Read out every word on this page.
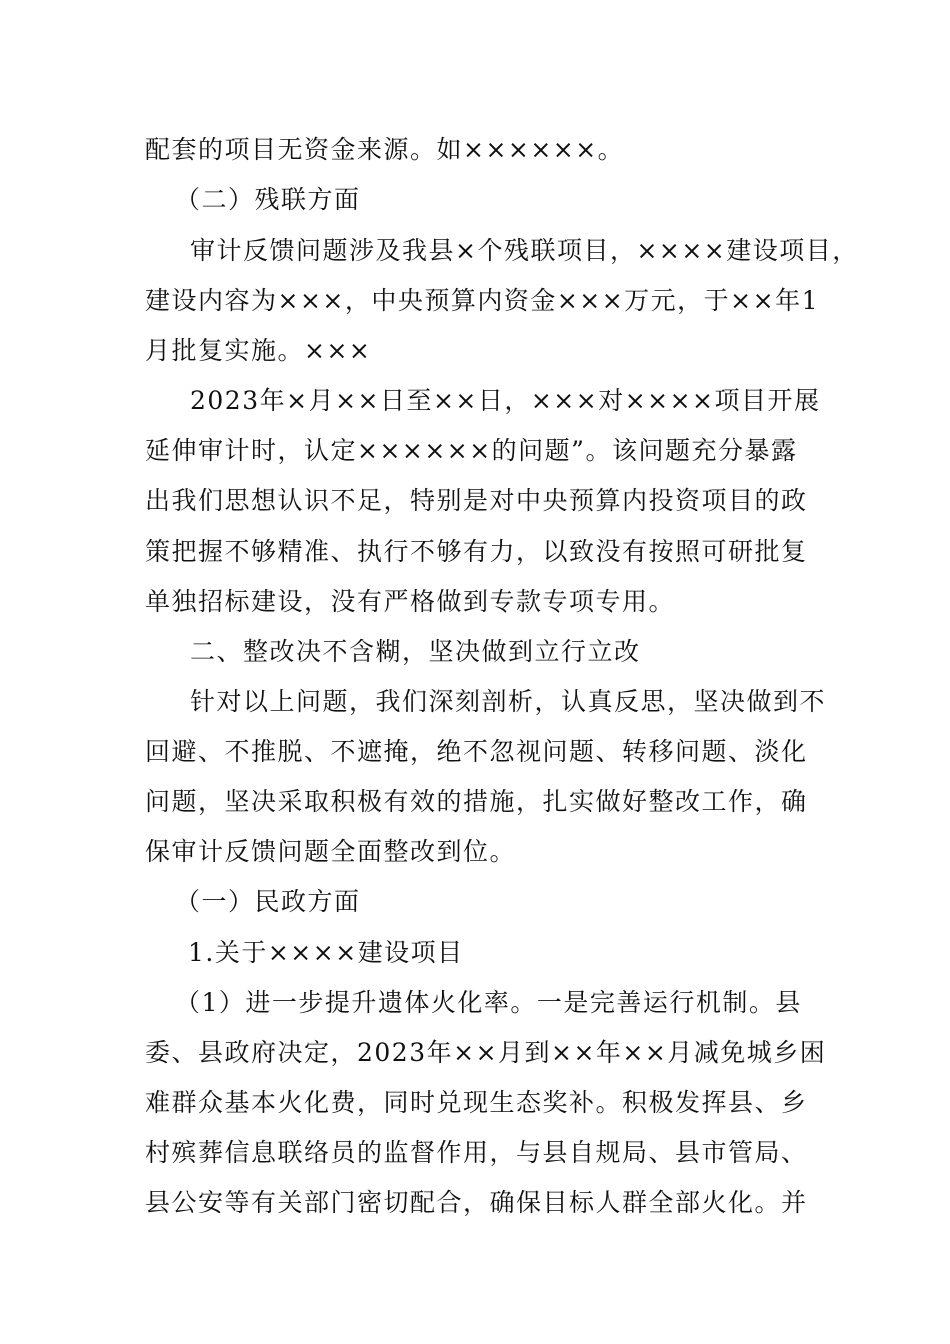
配套的项目无资金来源。如××××××。
（二）残联方面
审计反馈问题涉及我县×个残联项目，××××建设项目，
建设内容为×××，中央预算内资金×××万元，于××年1
月批复实施。×××
2023年×月××日至××日，×××对××××项目开展
延伸审计时，认定××××××的问题”。该问题充分暴露
出我们思想认识不足，特别是对中央预算内投资项目的政
策把握不够精准、执行不够有力，以致没有按照可研批复
单独招标建设，没有严格做到专款专项专用。
二、整改决不含糊，坚决做到立行立改
针对以上问题，我们深刻剖析，认真反思，坚决做到不
回避、不推脱、不遮掩，绝不忽视问题、转移问题、淡化
问题，坚决采取积极有效的措施，扎实做好整改工作，确
保审计反馈问题全面整改到位。
（一）民政方面
1.关于××××建设项目
（1）进一步提升遗体火化率。一是完善运行机制。县
委、县政府决定，2023年××月到××年××月减免城乡困
难群众基本火化费，同时兑现生态奖补。积极发挥县、乡
村殡葬信息联络员的监督作用，与县自规局、县市管局、
县公安等有关部门密切配合，确保目标人群全部火化。并
